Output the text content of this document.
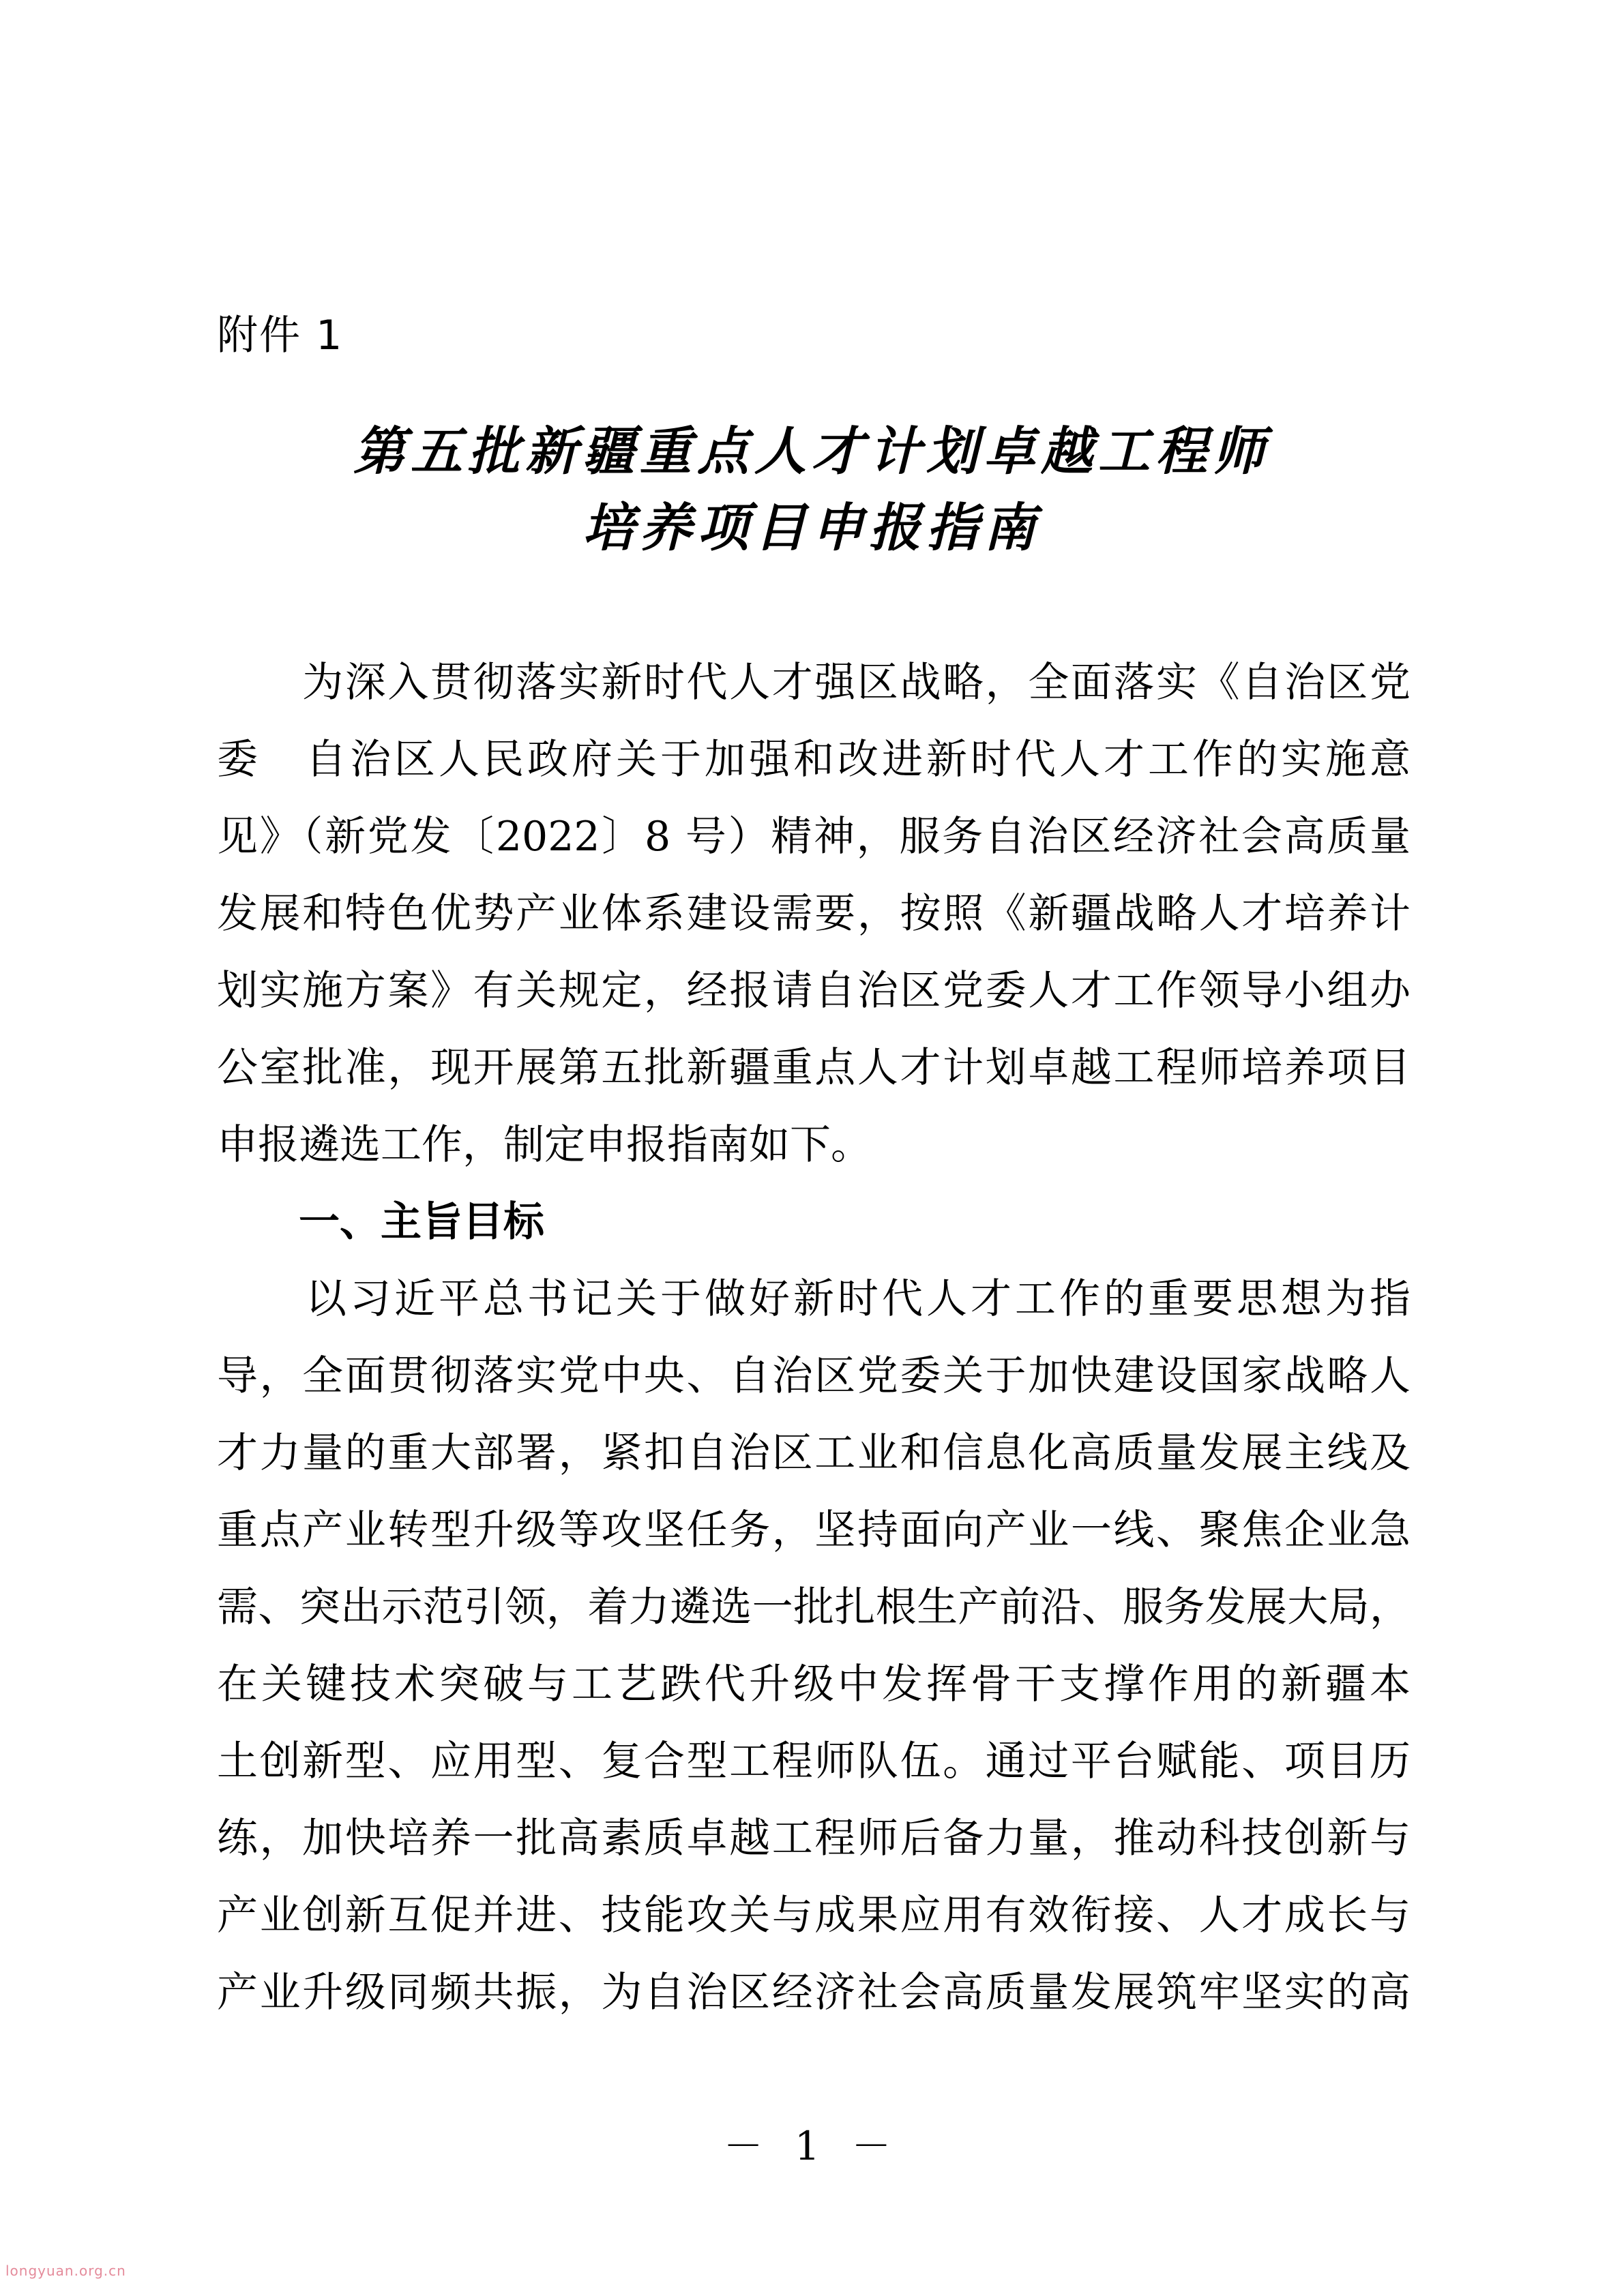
附件 1
第五批新疆重点人才计划卓越工程师
培养项目申报指南
　　为深入贯彻落实新时代人才强区战略，全面落实《自治区党
委　自治区人民政府关于加强和改进新时代人才工作的实施意
见》（新党发〔2022〕8 号）精神，服务自治区经济社会高质量
发展和特色优势产业体系建设需要，按照《新疆战略人才培养计
划实施方案》有关规定，经报请自治区党委人才工作领导小组办
公室批准，现开展第五批新疆重点人才计划卓越工程师培养项目
申报遴选工作，制定申报指南如下。
　　一、主旨目标
　　以习近平总书记关于做好新时代人才工作的重要思想为指
导，全面贯彻落实党中央、自治区党委关于加快建设国家战略人
才力量的重大部署，紧扣自治区工业和信息化高质量发展主线及
重点产业转型升级等攻坚任务，坚持面向产业一线、聚焦企业急
需、突出示范引领，着力遴选一批扎根生产前沿、服务发展大局，
在关键技术突破与工艺跌代升级中发挥骨干支撑作用的新疆本
土创新型、应用型、复合型工程师队伍。通过平台赋能、项目历
练，加快培养一批高素质卓越工程师后备力量，推动科技创新与
产业创新互促并进、技能攻关与成果应用有效衔接、人才成长与
产业升级同频共振，为自治区经济社会高质量发展筑牢坚实的高
－ 1 －
longyuan.org.cn
